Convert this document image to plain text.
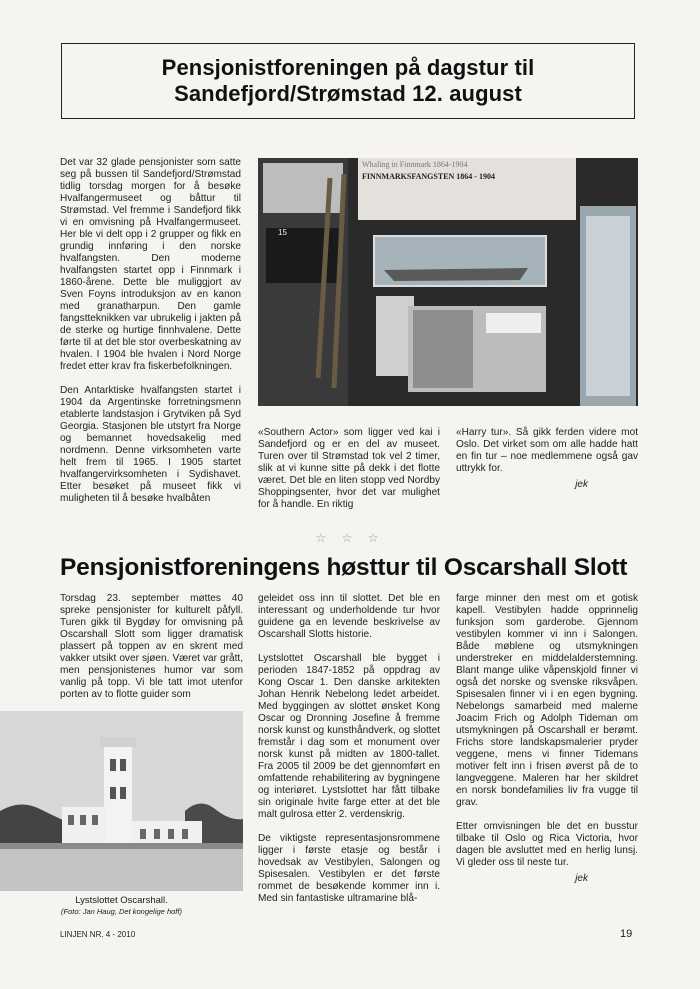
Pensjonistforeningen på dagstur til
Sandefjord/Strømstad 12. august

Det var 32 glade pensjonister som satte seg på bussen til Sandefjord/Strømstad tidlig torsdag morgen for å besøke Hvalfangermuseet og båttur til Strømstad. Vel fremme i Sandefjord fikk vi en omvisning på Hvalfangermuseet. Her ble vi delt opp i 2 grupper og fikk en grundig innføring i den norske hvalfangsten. Den moderne hvalfangsten startet opp i Finnmark i 1860-årene. Dette ble muliggjort av Sven Foyns introduksjon av en kanon med granatharpun. Den gamle fangstteknikken var ubrukelig i jakten på de sterke og hurtige finnhvalene. Dette førte til at det ble stor overbeskatning av hvalen. I 1904 ble hvalen i Nord Norge fredet etter krav fra fiskerbefolkningen.

Den Antarktiske hvalfangsten startet i 1904 da Argentinske forretningsmenn etablerte landstasjon i Grytviken på Syd Georgia. Stasjonen ble utstyrt fra Norge og bemannet hovedsakelig med nordmenn. Denne virksomheten varte helt frem til 1965. I 1905 startet hvalfangervirksomheten i Sydishavet. Etter besøket på museet fikk vi muligheten til å besøke hvalbåten

Whaling in Finnmark 1864-1904
FINNMARKSFANGSTEN 1864 - 1904
15

«Southern Actor» som ligger ved kai i Sandefjord og er en del av museet. Turen over til Strømstad tok vel 2 timer, slik at vi kunne sitte på dekk i det flotte været. Det ble en liten stopp ved Nordby Shoppingsenter, hvor det var mulighet for å handle. En riktig

«Harry tur». Så gikk ferden videre mot Oslo. Det virket som om alle hadde hatt en fin tur – noe medlemmene også gav uttrykk for.

jek
☆ ☆ ☆
Pensjonistforeningens høsttur til Oscarshall Slott

Torsdag 23. september møttes 40 spreke pensjonister for kulturelt påfyll. Turen gikk til Bygdøy for omvisning på Oscarshall Slott som ligger dramatisk plassert på toppen av en skrent med vakker utsikt over sjøen. Været var grått, men pensjonistenes humor var som vanlig på topp. Vi ble tatt imot utenfor porten av to flotte guider som

Lystslottet Oscarshall.
(Foto: Jan Haug, Det kongelige hoff)

geleidet oss inn til slottet. Det ble en interessant og underholdende tur hvor guidene ga en levende beskrivelse av Oscarshall Slotts historie.

Lystslottet Oscarshall ble bygget i perioden 1847-1852 på oppdrag av Kong Oscar 1. Den danske arkitekten Johan Henrik Nebelong ledet arbeidet. Med byggingen av slottet ønsket Kong Oscar og Dronning Josefine å fremme norsk kunst og kunsthåndverk, og slottet fremstår i dag som et monument over norsk kunst på midten av 1800-tallet. Fra 2005 til 2009 be det gjennomført en omfattende rehabilitering av bygningene og interiøret. Lystslottet har fått tilbake sin originale hvite farge etter at det ble malt gulrosa etter 2. verdenskrig.

De viktigste representasjonsrommene ligger i første etasje og består i hovedsak av Vestibylen, Salongen og Spisesalen. Vestibylen er det første rommet de besøkende kommer inn i. Med sin fantastiske ultramarine blå-

farge minner den mest om et gotisk kapell. Vestibylen hadde opprinnelig funksjon som garderobe. Gjennom vestibylen kommer vi inn i Salongen. Både møblene og utsmykningen understreker en middelalderstemning. Blant mange ulike våpenskjold finner vi også det norske og svenske riksvåpen. Spisesalen finner vi i en egen bygning. Nebelongs samarbeid med malerne Joacim Frich og Adolph Tideman om utsmykningen på Oscarshall er berømt. Frichs store landskapsmalerier pryder veggene, mens vi finner Tidemans motiver felt inn i frisen øverst på de to langveggene. Maleren har her skildret en norsk bondefamilies liv fra vugge til grav.

Etter omvisningen ble det en busstur tilbake til Oslo og Rica Victoria, hvor dagen ble avsluttet med en herlig lunsj. Vi gleder oss til neste tur.

jek
LINJEN NR. 4 - 2010	19
